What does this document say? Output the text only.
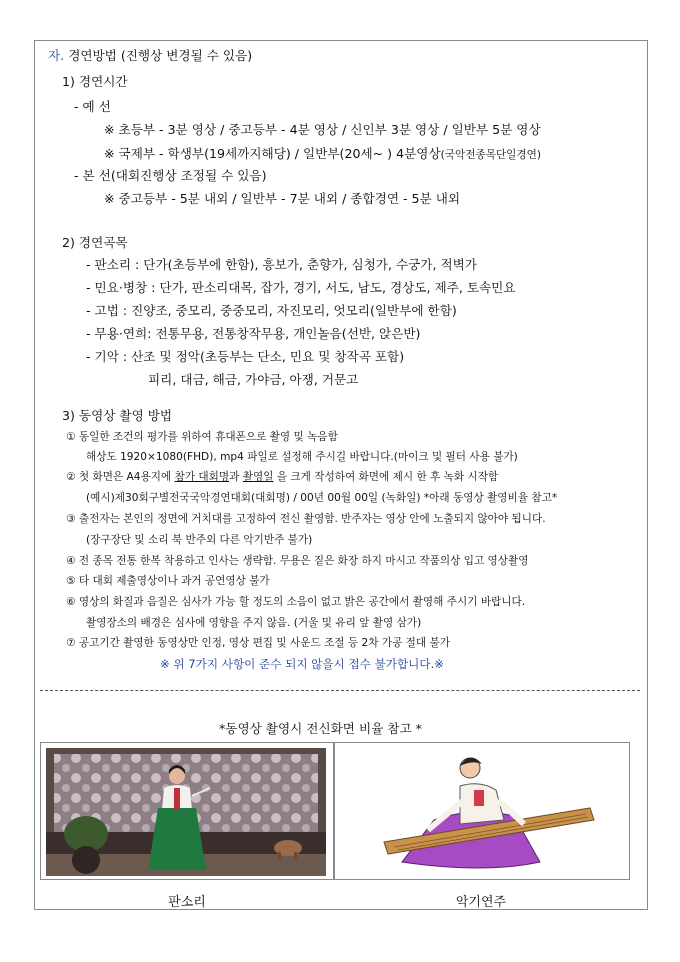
자. 경연방법 (진행상 변경될 수 있음)
1) 경연시간
- 예 선
※ 초등부 - 3분 영상 / 중고등부 - 4분 영상 / 신인부 3분 영상 / 일반부 5분 영상
※ 국제부 - 학생부(19세까지해당) / 일반부(20세~ ) 4분영상(국악전종목단일경연)
- 본 선(대회진행상 조정될 수 있음)
※ 중고등부 - 5분 내외 / 일반부 - 7분 내외 / 종합경연 - 5분 내외
2) 경연곡목
- 판소리 : 단가(초등부에 한함), 흥보가, 춘향가, 심청가, 수궁가, 적벽가
- 민요·병창 : 단가, 판소리대목, 잡가, 경기, 서도, 남도, 경상도, 제주, 토속민요
- 고법 : 진양조, 중모리, 중중모리, 자진모리, 엇모리(일반부에 한함)
- 무용·연희: 전통무용, 전통창작무용, 개인놀음(선반, 앉은반)
- 기악 : 산조 및 정악(초등부는 단소, 민요 및 창작곡 포함)
피리, 대금, 해금, 가야금, 아쟁, 거문고
3) 동영상 촬영 방법
① 동일한 조건의 평가를 위하여 휴대폰으로 촬영 및 녹음함
해상도 1920×1080(FHD), mp4 파일로 설정해 주시길 바랍니다.(마이크 및 필터 사용 불가)
② 첫 화면은 A4용지에 참가 대회명과 촬영일 을 크게 작성하여 화면에 제시 한 후 녹화 시작함
(예시)제30회구별전국국악경연대회(대회명) / 00년 00월 00일 (녹화일) *아래 동영상 촬영비율 참고*
③ 출전자는 본인의 정면에 거치대를 고정하여 전신 촬영함. 반주자는 영상 안에 노출되지 않아야 됩니다.
(장구장단 및 소리 북 반주외 다른 악기반주 불가)
④ 전 종목 전통 한복 착용하고 인사는 생략함. 무용은 짙은 화장 하지 마시고 작품의상 입고 영상촬영
⑤ 타 대회 제출영상이나 과거 공연영상 불가
⑥ 영상의 화질과 음질은 심사가 가능 할 정도의 소음이 없고 밝은 공간에서 촬영해 주시기 바랍니다.
촬영장소의 배경은 심사에 영향을 주지 않음. (거울 및 유리 앞 촬영 삼가)
⑦ 공고기간 촬영한 동영상만 인정, 영상 편집 및 사운드 조절 등 2차 가공 절대 불가
※ 위 7가지 사항이 준수 되지 않을시 접수 불가합니다.※
*동영상 촬영시 전신화면 비율 참고 *
판소리	악기연주
